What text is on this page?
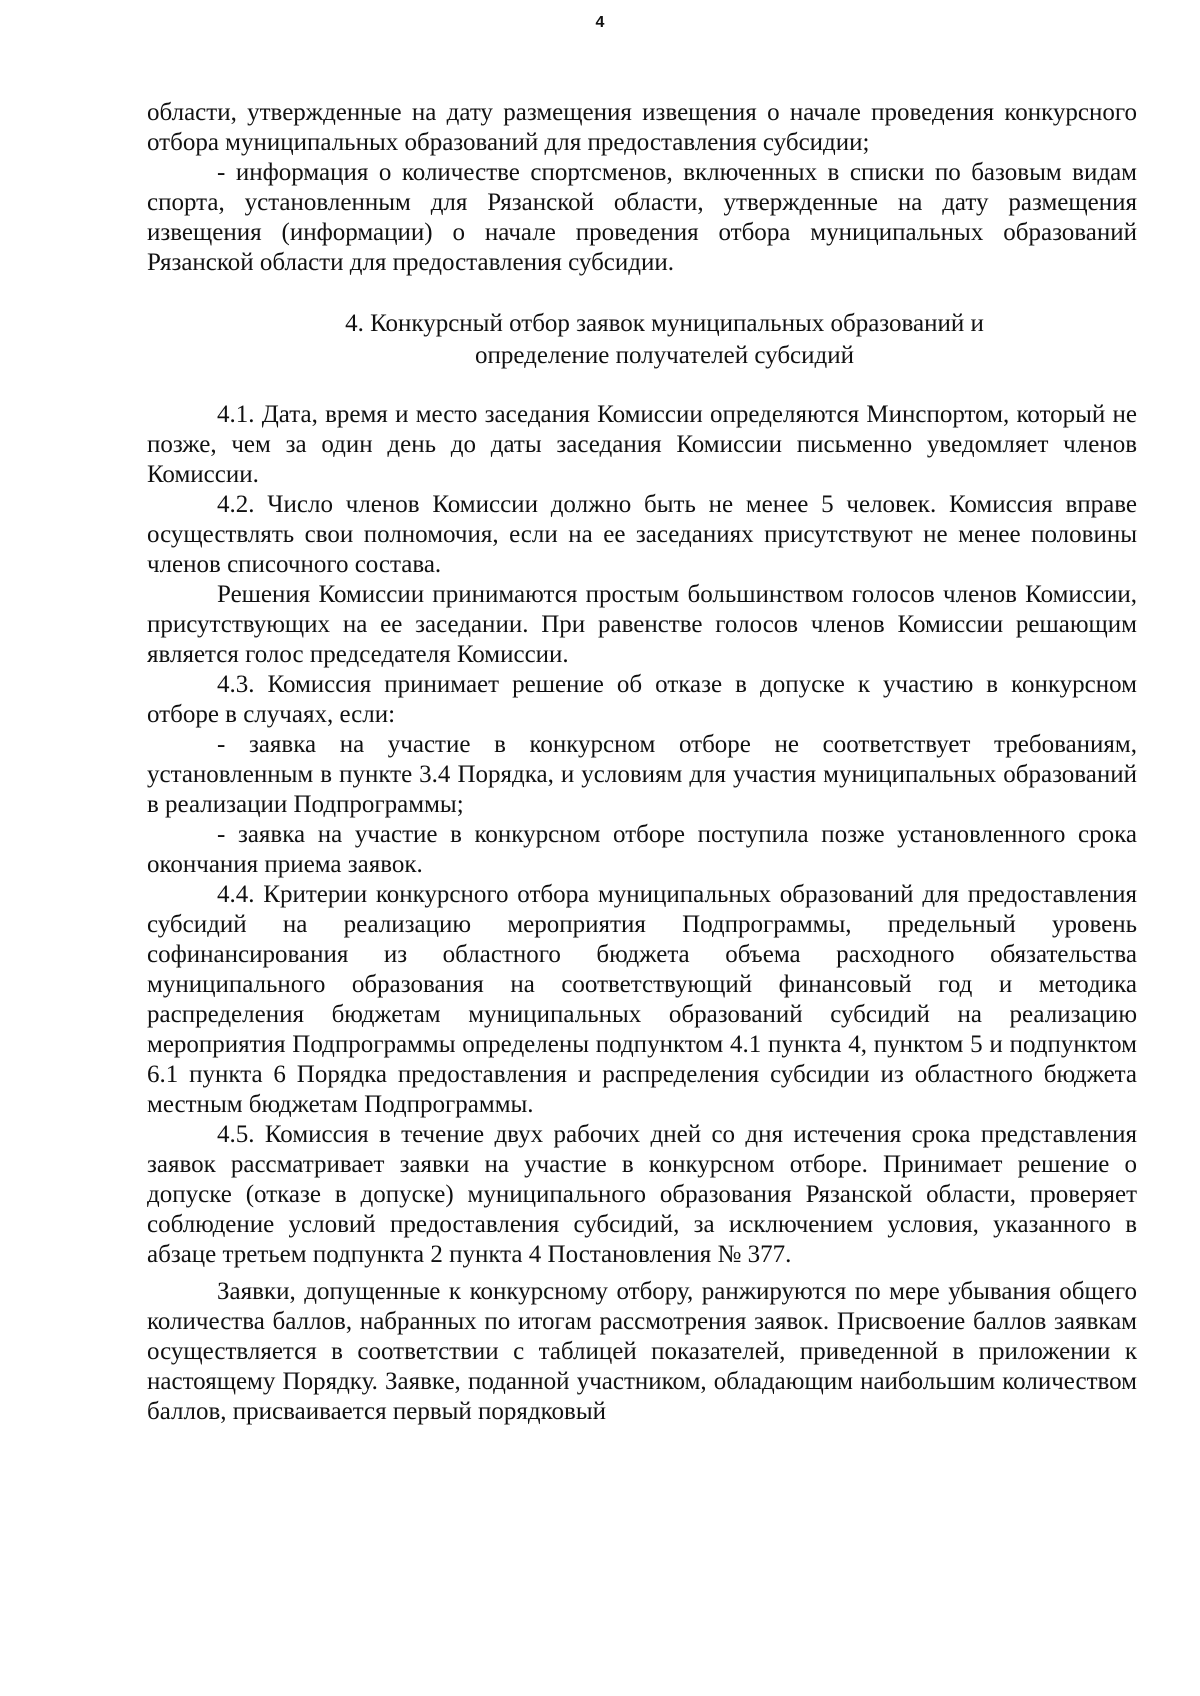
4

области, утвержденные на дату размещения извещения о начале проведения конкурсного отбора муниципальных образований для предоставления субсидии;

- информация о количестве спортсменов, включенных в списки по базовым видам спорта, установленным для Рязанской области, утвержденные на дату размещения извещения (информации) о начале проведения отбора муниципальных образований Рязанской области для предоставления субсидии.

4. Конкурсный отбор заявок муниципальных образований и
определение получателей субсидий

4.1. Дата, время и место заседания Комиссии определяются Минспортом, который не позже, чем за один день до даты заседания Комиссии письменно уведомляет членов Комиссии.

4.2. Число членов Комиссии должно быть не менее 5 человек. Комиссия вправе осуществлять свои полномочия, если на ее заседаниях присутствуют не менее половины членов списочного состава.

Решения Комиссии принимаются простым большинством голосов членов Комиссии, присутствующих на ее заседании. При равенстве голосов членов Комиссии решающим является голос председателя Комиссии.

4.3. Комиссия принимает решение об отказе в допуске к участию в конкурсном отборе в случаях, если:

- заявка на участие в конкурсном отборе не соответствует требованиям, установленным в пункте 3.4 Порядка, и условиям для участия муниципальных образований в реализации Подпрограммы;

- заявка на участие в конкурсном отборе поступила позже установленного срока окончания приема заявок.

4.4. Критерии конкурсного отбора муниципальных образований для предоставления субсидий на реализацию мероприятия Подпрограммы, предельный уровень софинансирования из областного бюджета объема расходного обязательства муниципального образования на соответствующий финансовый год и методика распределения бюджетам муниципальных образований субсидий на реализацию мероприятия Подпрограммы определены подпунктом 4.1 пункта 4, пунктом 5 и подпунктом 6.1 пункта 6 Порядка предоставления и распределения субсидии из областного бюджета местным бюджетам Подпрограммы.

4.5. Комиссия в течение двух рабочих дней со дня истечения срока представления заявок рассматривает заявки на участие в конкурсном отборе. Принимает решение о допуске (отказе в допуске) муниципального образования Рязанской области, проверяет соблюдение условий предоставления субсидий, за исключением условия, указанного в абзаце третьем подпункта 2 пункта 4 Постановления № 377.

Заявки, допущенные к конкурсному отбору, ранжируются по мере убывания общего количества баллов, набранных по итогам рассмотрения заявок. Присвоение баллов заявкам осуществляется в соответствии с таблицей показателей, приведенной в приложении к настоящему Порядку. Заявке, поданной участником, обладающим наибольшим количеством баллов, присваивается первый порядковый
